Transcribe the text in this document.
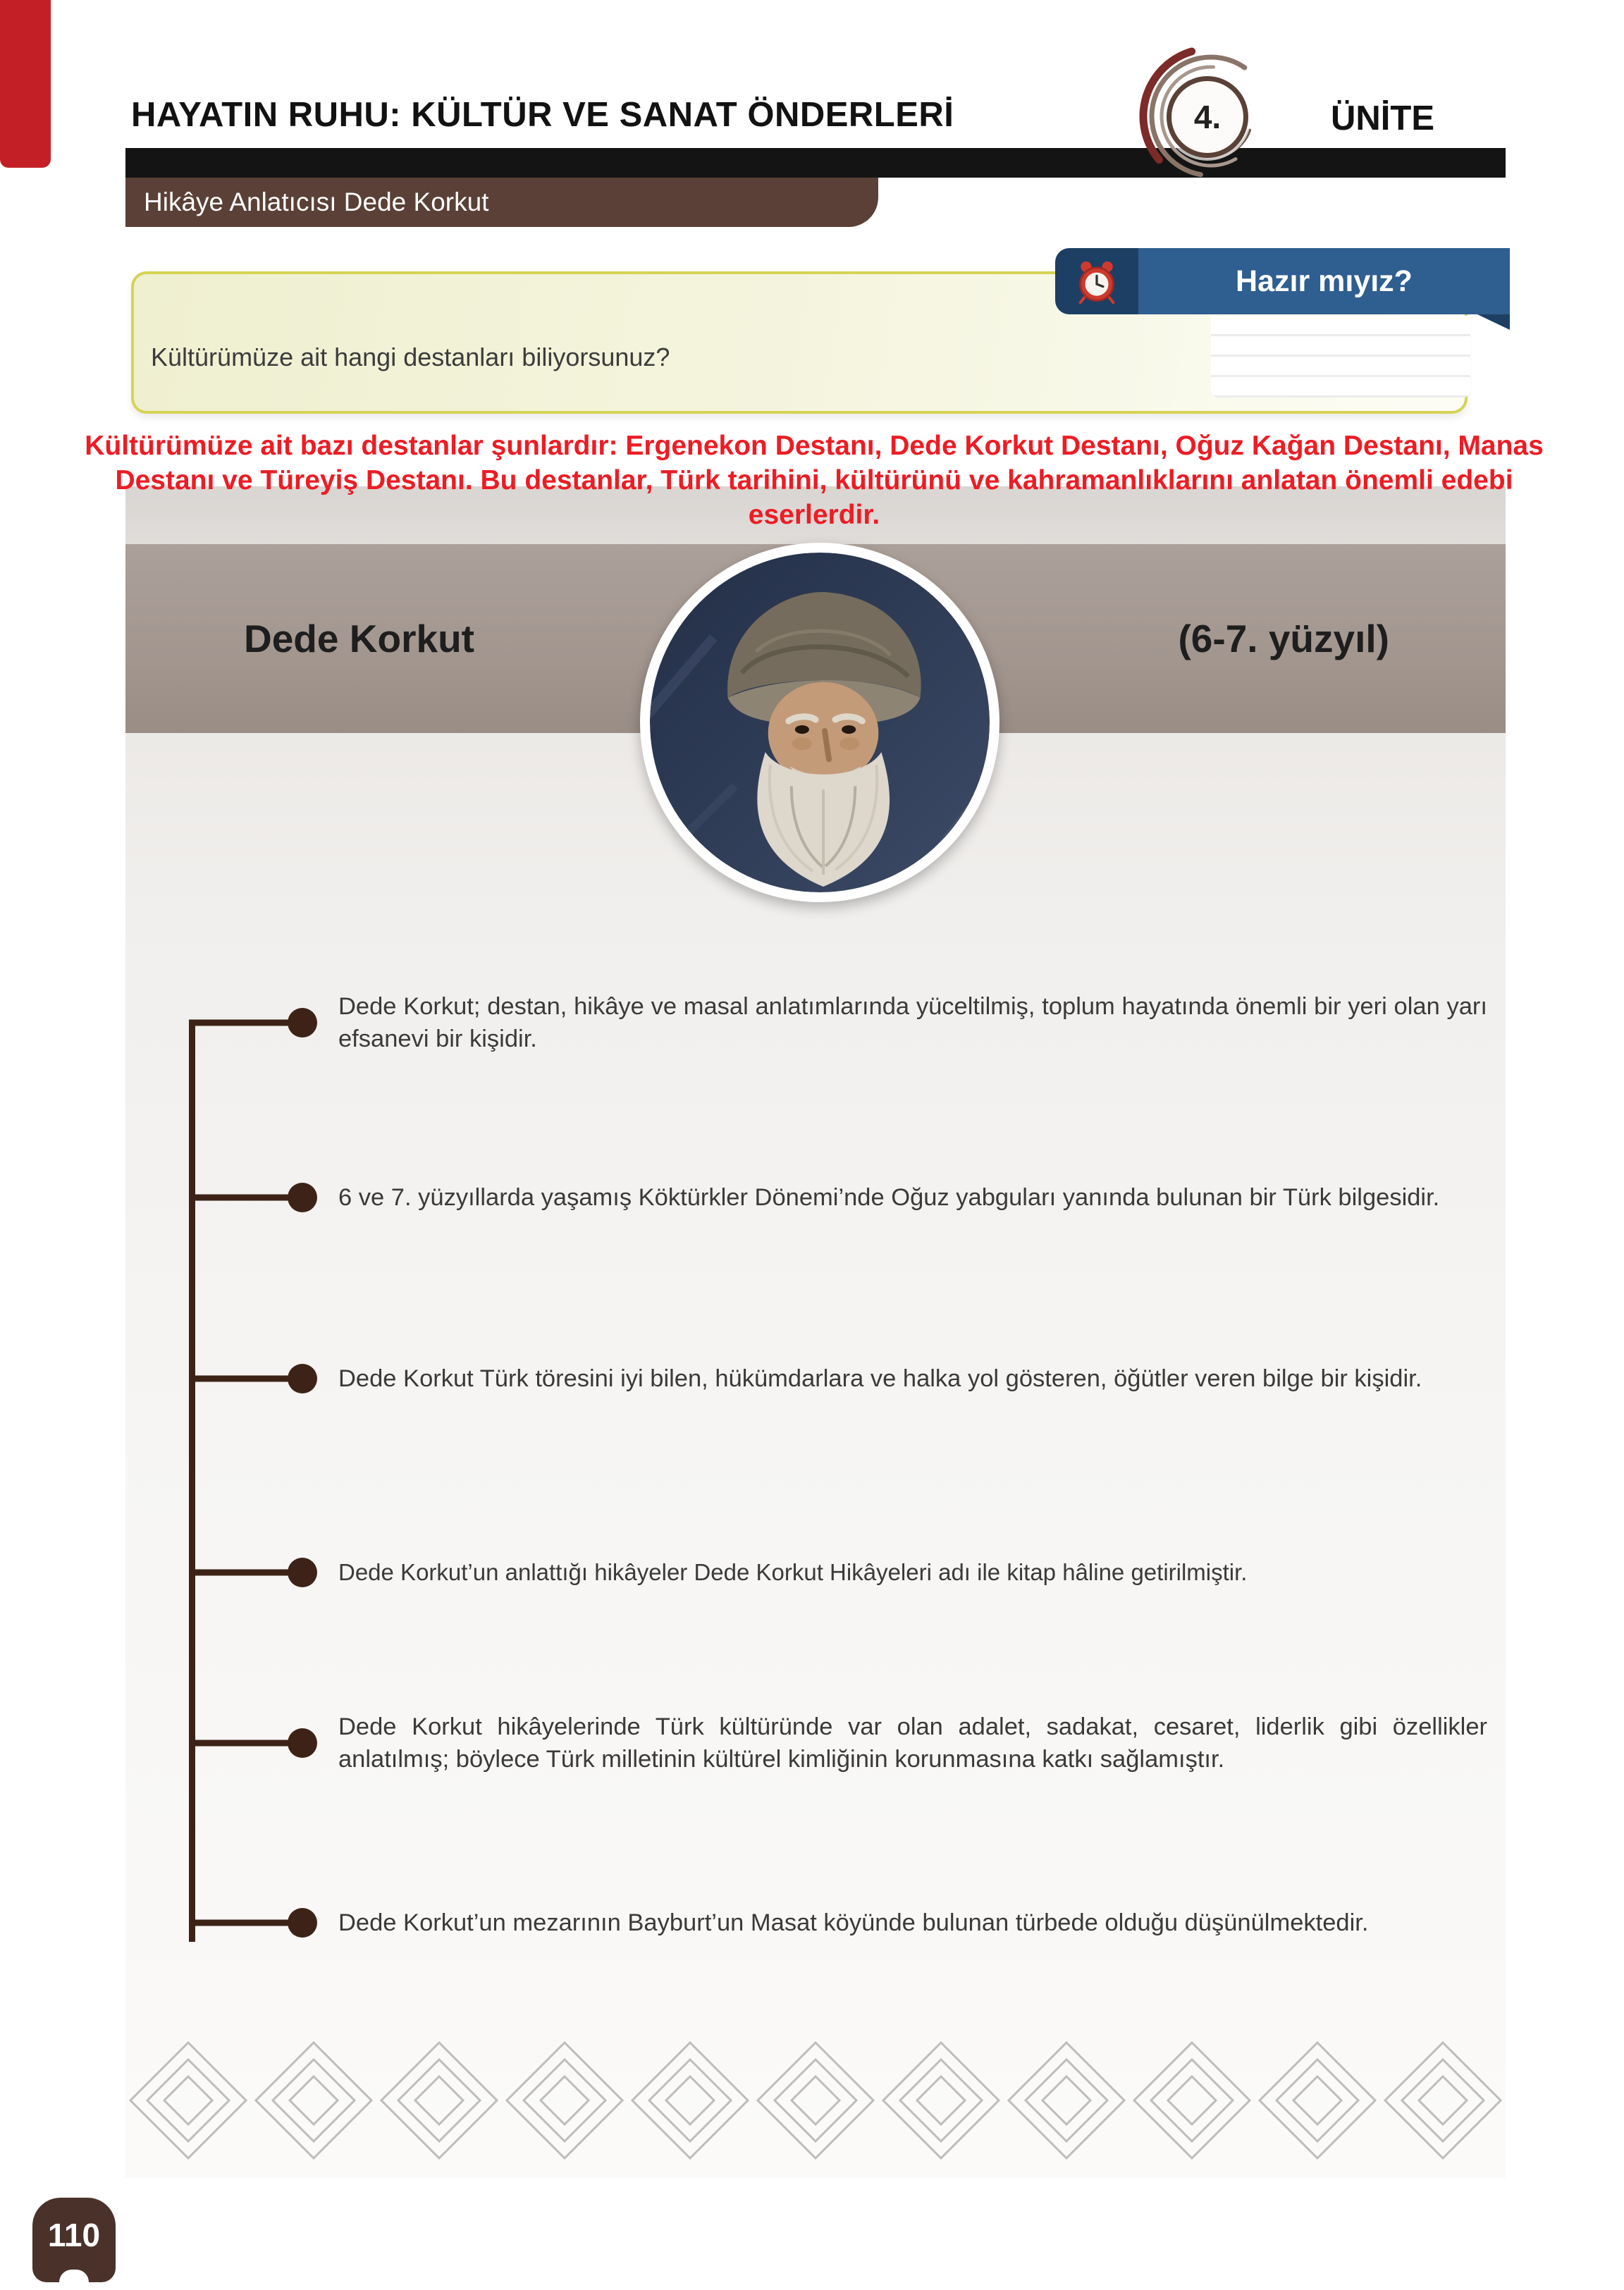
HAYATIN RUHU: KÜLTÜR VE SANAT ÖNDERLERİ	4.	ÜNİTE
Hikâye Anlatıcısı Dede Korkut
Hazır mıyız?
Kültürümüze ait hangi destanları biliyorsunuz?
Kültürümüze ait bazı destanlar şunlardır: Ergenekon Destanı, Dede Korkut Destanı, Oğuz Kağan Destanı, Manas Destanı ve Türeyiş Destanı. Bu destanlar, Türk tarihini, kültürünü ve kahramanlıklarını anlatan önemli edebi eserlerdir.
Dede Korkut	(6-7. yüzyıl)
Dede Korkut; destan, hikâye ve masal anlatımlarında yüceltilmiş, toplum hayatında önemli bir yeri olan yarı efsanevi bir kişidir.
6 ve 7. yüzyıllarda yaşamış Köktürkler Dönemi’nde Oğuz yabguları yanında bulunan bir Türk bilgesidir.
Dede Korkut Türk töresini iyi bilen, hükümdarlara ve halka yol gösteren, öğütler veren bilge bir kişidir.
Dede Korkut’un anlattığı hikâyeler Dede Korkut Hikâyeleri adı ile kitap hâline getirilmiştir.
Dede Korkut hikâyelerinde Türk kültüründe var olan adalet, sadakat, cesaret, liderlik gibi özellikler anlatılmış; böylece Türk milletinin kültürel kimliğinin korunmasına katkı sağlamıştır.
Dede Korkut’un mezarının Bayburt’un Masat köyünde bulunan türbede olduğu düşünülmektedir.
110
